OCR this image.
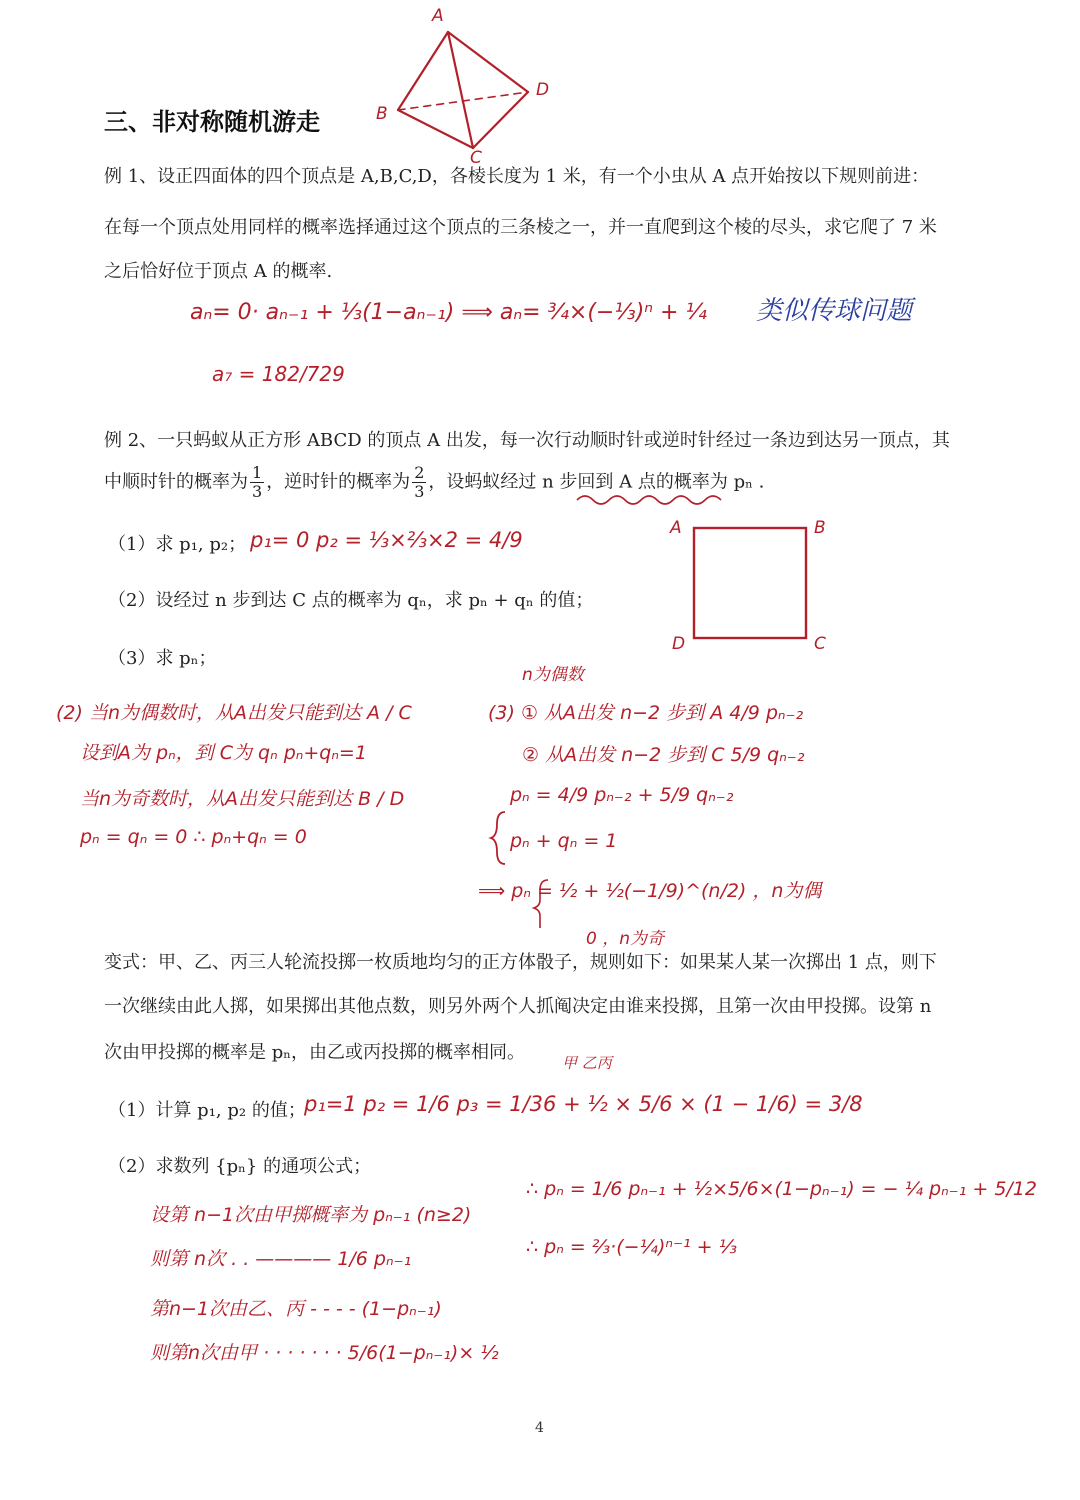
A
B
C
D
三、非对称随机游走
例 1、设正四面体的四个顶点是 A,B,C,D，各棱长度为 1 米，有一个小虫从 A 点开始按以下规则前进：
在每一个顶点处用同样的概率选择通过这个顶点的三条棱之一，并一直爬到这个棱的尽头，求它爬了 7 米
之后恰好位于顶点 A 的概率.
aₙ= 0· aₙ₋₁ + ⅓(1−aₙ₋₁) ⟹ aₙ= ¾×(−⅓)ⁿ + ¼
a₇ = 182/729
类似传球问题
例 2、一只蚂蚁从正方形 ABCD 的顶点 A 出发，每一次行动顺时针或逆时针经过一条边到达另一顶点，其
中顺时针的概率为 $\frac{1}{3}$ ，逆时针的概率为 $\frac{2}{3}$ ，设蚂蚁经过 n 步回到 A 点的概率为 pₙ .
（1）求 p₁, p₂； p₁= 0 p₂ = ⅓×⅔×2 = 4/9	A	B
C
D
（2）设经过 n 步到达 C 点的概率为 qₙ，求 pₙ + qₙ 的值；
（3）求 pₙ；
(2) 当n为偶数时，从A出发只能到达 A / C
设到A为 pₙ，到 C为 qₙ pₙ+qₙ=1
当n为奇数时，从A出发只能到达 B / D
pₙ = qₙ = 0 ∴ pₙ+qₙ = 0
n为偶数
(3) ① 从A出发 n−2 步到 A 4/9 pₙ₋₂
② 从A出发 n−2 步到 C 5/9 qₙ₋₂
pₙ = 4/9 pₙ₋₂ + 5/9 qₙ₋₂
pₙ + qₙ = 1
⟹ pₙ = ½ + ½(−1/9)^(n/2) ，n为偶
0 ，n为奇
变式：甲、乙、丙三人轮流投掷一枚质地均匀的正方体骰子，规则如下：如果某人某一次掷出 1 点，则下
一次继续由此人掷，如果掷出其他点数，则另外两个人抓阄决定由谁来投掷，且第一次由甲投掷。设第 n
次由甲投掷的概率是 pₙ，由乙或丙投掷的概率相同。 甲 乙丙
（1）计算 p₁, p₂ 的值；
p₁=1 p₂ = 1/6 p₃ = 1/36 + ½ × 5/6 × (1 − 1/6) = 3/8
（2）求数列 {pₙ} 的通项公式；
设第 n−1次由甲掷概率为 pₙ₋₁ (n≥2)
则第 n次 . . ———— 1/6 pₙ₋₁
第n−1次由乙、丙 - - - - (1−pₙ₋₁)
则第n次由甲 · · · · · · · 5/6(1−pₙ₋₁)× ½
∴ pₙ = 1/6 pₙ₋₁ + ½×5/6×(1−pₙ₋₁) = − ¼ pₙ₋₁ + 5/12
∴ pₙ = ⅔·(−¼)ⁿ⁻¹ + ⅓
4
